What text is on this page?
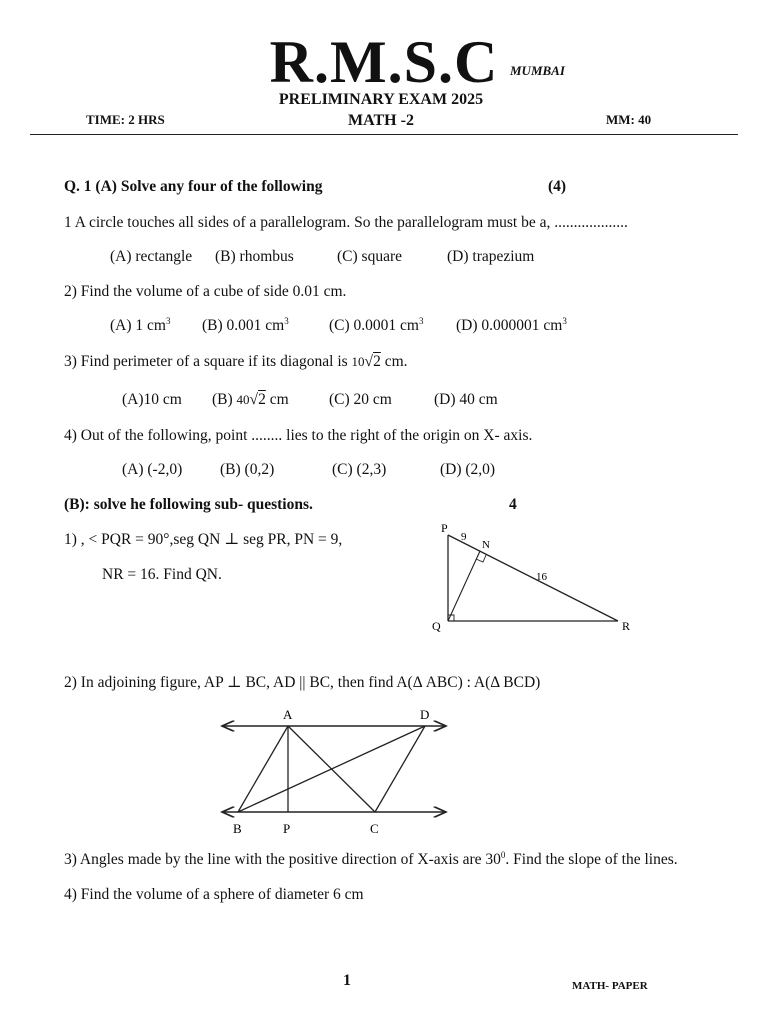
R.M.S.C MUMBAI
PRELIMINARY EXAM 2025
MATH -2
TIME: 2 HRS	MM: 40
Q. 1 (A) Solve any four of the following	(4)
1 A circle touches all sides of a parallelogram. So the parallelogram must be a, ...................
(A) rectangle (B) rhombus	(C) square	(D) trapezium
2) Find the volume of a cube of side 0.01 cm.
(A) 1 $cm^3$ (B) 0.001 $cm^3$	(C) 0.0001 $cm^3$ (D) 0.000001 $cm^3$
3) Find perimeter of a square if its diagonal is 10√2 cm.
(A)10 cm (B) 40√2 cm	(C) 20 cm	(D) 40 cm
4) Out of the following, point ........ lies to the right of the origin on X- axis.
(A) (-2,0) (B) (0,2)	(C) (2,3)	(D) (2,0)
(B): solve he following sub- questions.	4
1) , < PQR = 90°,seg QN ⊥ seg PR, PN = 9,
NR = 16. Find QN.
P
Q	R
N
9
16
2) In adjoining figure, AP ⊥ BC, AD || BC, then find A(Δ ABC) : A(Δ BCD)
A	D
B	P	C
3) Angles made by the line with the positive direction of X-axis are $30^0$. Find the slope of the lines.
4) Find the volume of a sphere of diameter 6 cm
1	MATH- PAPER
